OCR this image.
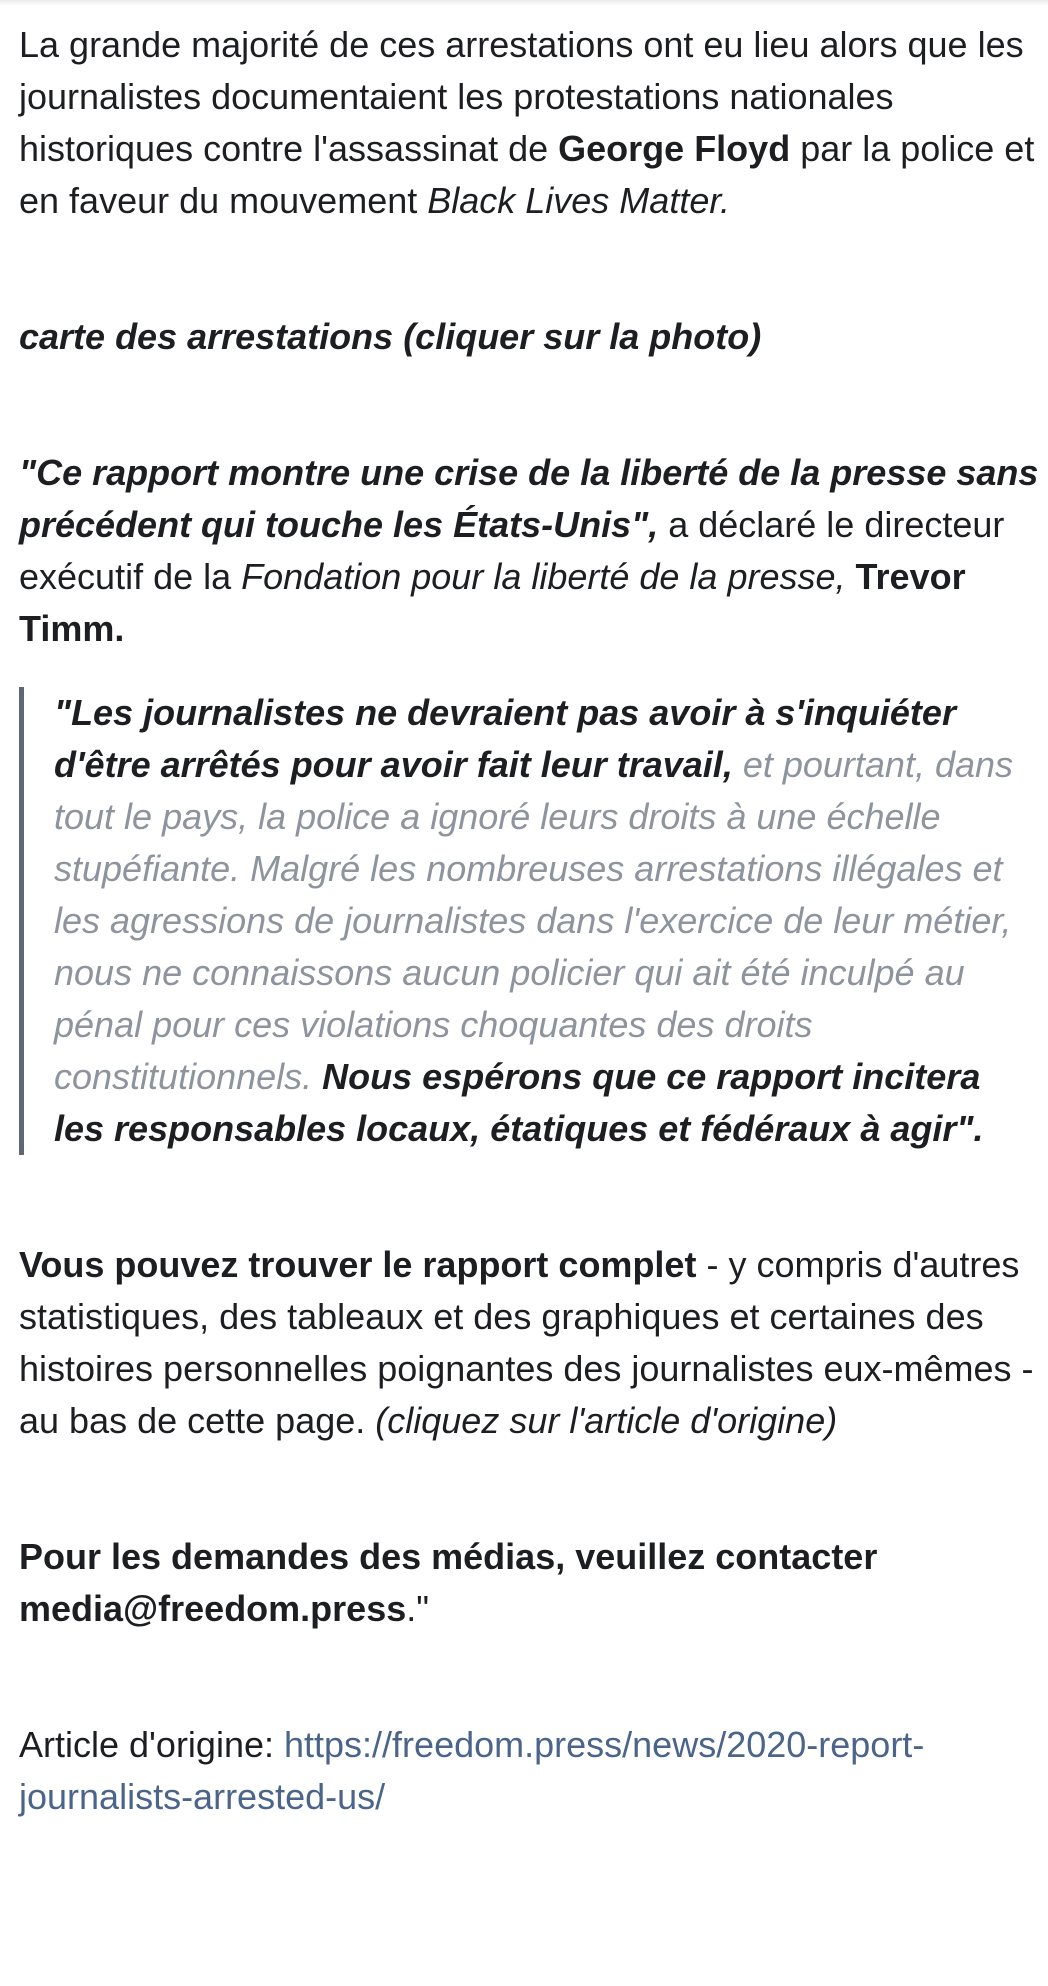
La grande majorité de ces arrestations ont eu lieu alors que les journalistes documentaient les protestations nationales historiques contre l'assassinat de George Floyd par la police et en faveur du mouvement Black Lives Matter.

carte des arrestations (cliquer sur la photo)

"Ce rapport montre une crise de la liberté de la presse sans précédent qui touche les États-Unis", a déclaré le directeur exécutif de la Fondation pour la liberté de la presse, Trevor Timm.

"Les journalistes ne devraient pas avoir à s'inquiéter d'être arrêtés pour avoir fait leur travail, et pourtant, dans tout le pays, la police a ignoré leurs droits à une échelle stupéfiante. Malgré les nombreuses arrestations illégales et les agressions de journalistes dans l'exercice de leur métier, nous ne connaissons aucun policier qui ait été inculpé au pénal pour ces violations choquantes des droits constitutionnels. Nous espérons que ce rapport incitera les responsables locaux, étatiques et fédéraux à agir".

Vous pouvez trouver le rapport complet - y compris d'autres statistiques, des tableaux et des graphiques et certaines des histoires personnelles poignantes des journalistes eux-mêmes - au bas de cette page. (cliquez sur l'article d'origine)

Pour les demandes des médias, veuillez contacter media@freedom.press."

Article d'origine: https://freedom.press/news/2020-report-journalists-arrested-us/
